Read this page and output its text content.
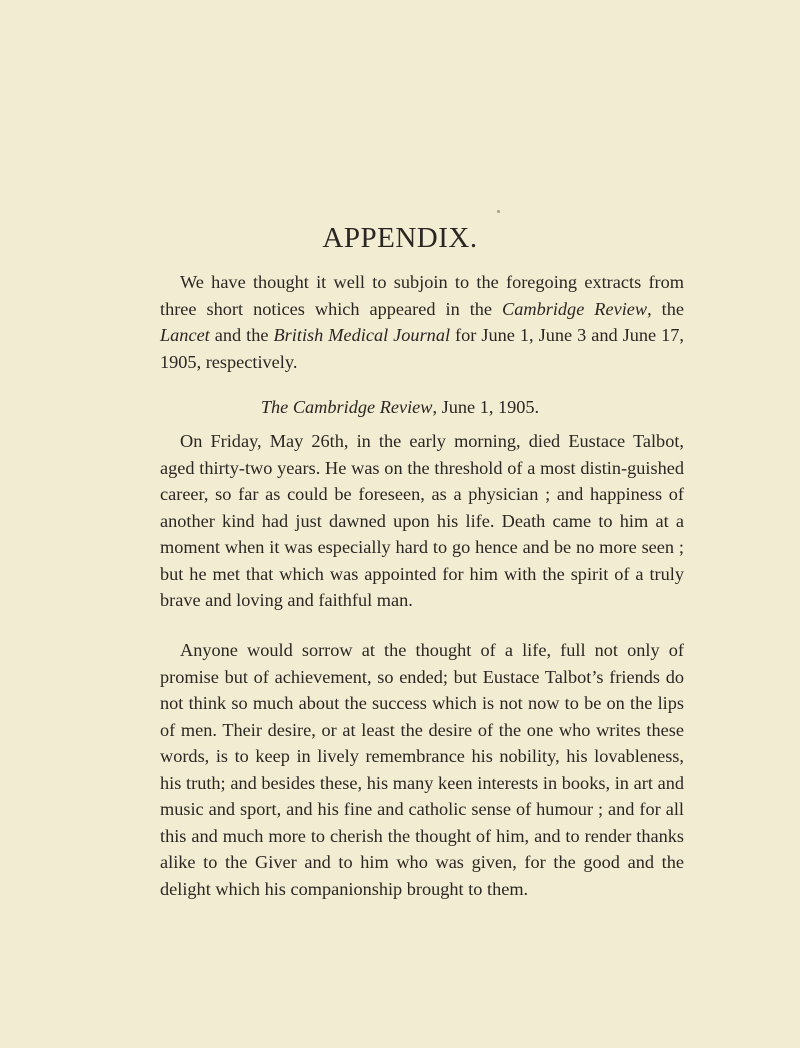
APPENDIX.

We have thought it well to subjoin to the foregoing extracts from three short notices which appeared in the Cambridge Review, the Lancet and the British Medical Journal for June 1, June 3 and June 17, 1905, respectively.

The Cambridge Review, June 1, 1905.

On Friday, May 26th, in the early morning, died Eustace Talbot, aged thirty-two years. He was on the threshold of a most distin-guished career, so far as could be foreseen, as a physician ; and happiness of another kind had just dawned upon his life. Death came to him at a moment when it was especially hard to go hence and be no more seen ; but he met that which was appointed for him with the spirit of a truly brave and loving and faithful man.

Anyone would sorrow at the thought of a life, full not only of promise but of achievement, so ended; but Eustace Talbot’s friends do not think so much about the success which is not now to be on the lips of men. Their desire, or at least the desire of the one who writes these words, is to keep in lively remembrance his nobility, his lovableness, his truth; and besides these, his many keen interests in books, in art and music and sport, and his fine and catholic sense of humour ; and for all this and much more to cherish the thought of him, and to render thanks alike to the Giver and to him who was given, for the good and the delight which his companionship brought to them.
